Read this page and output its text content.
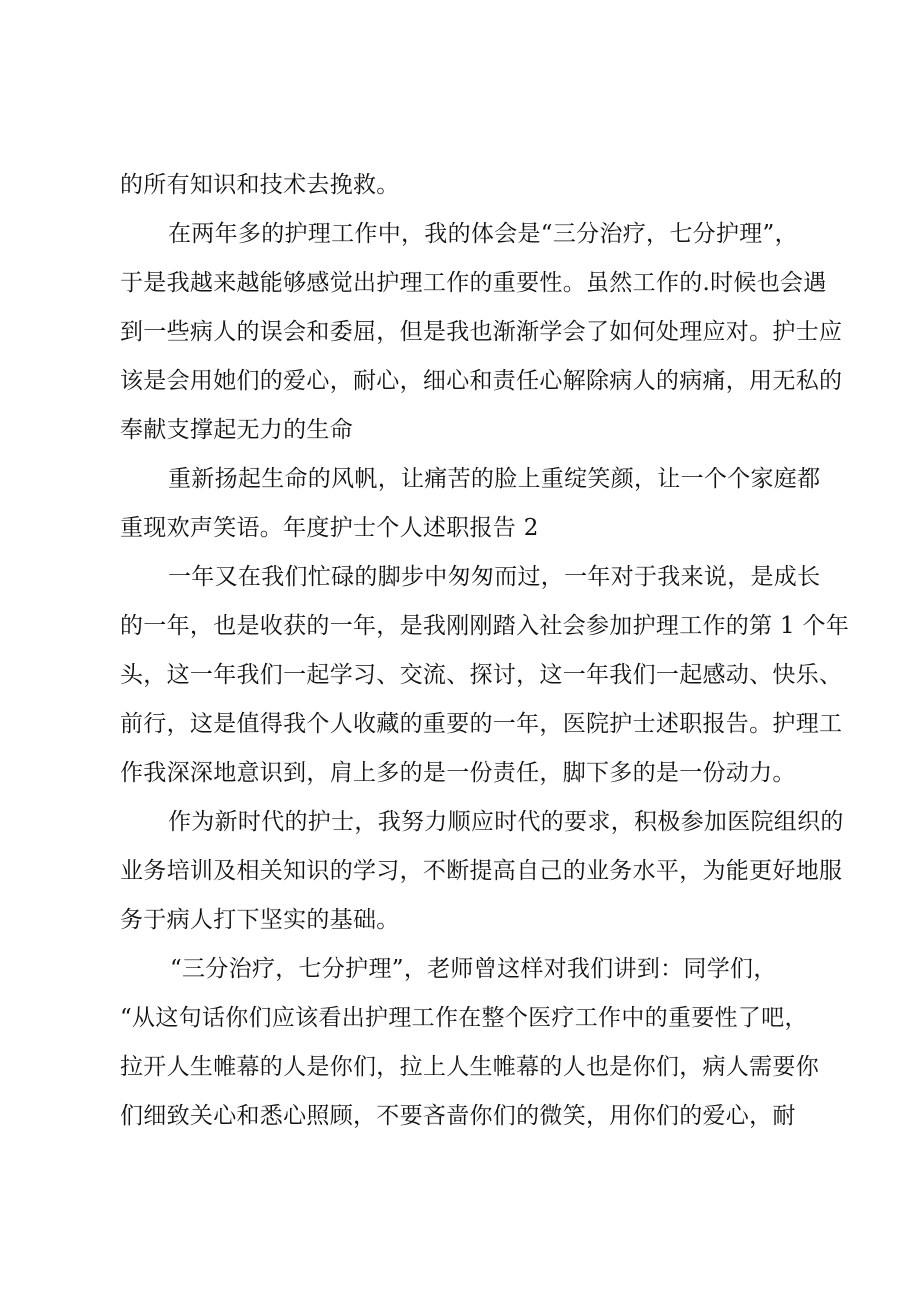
的所有知识和技术去挽救。
在两年多的护理工作中，我的体会是“三分治疗，七分护理”，
于是我越来越能够感觉出护理工作的重要性。虽然工作的.时候也会遇
到一些病人的误会和委屈，但是我也渐渐学会了如何处理应对。护士应
该是会用她们的爱心，耐心，细心和责任心解除病人的病痛，用无私的
奉献支撑起无力的生命
重新扬起生命的风帆，让痛苦的脸上重绽笑颜，让一个个家庭都
重现欢声笑语。年度护士个人述职报告 2
一年又在我们忙碌的脚步中匆匆而过，一年对于我来说，是成长
的一年，也是收获的一年，是我刚刚踏入社会参加护理工作的第 1 个年
头，这一年我们一起学习、交流、探讨，这一年我们一起感动、快乐、
前行，这是值得我个人收藏的重要的一年，医院护士述职报告。护理工
作我深深地意识到，肩上多的是一份责任，脚下多的是一份动力。
作为新时代的护士，我努力顺应时代的要求，积极参加医院组织的
业务培训及相关知识的学习，不断提高自己的业务水平，为能更好地服
务于病人打下坚实的基础。
“三分治疗，七分护理”，老师曾这样对我们讲到：同学们，
“从这句话你们应该看出护理工作在整个医疗工作中的重要性了吧，
拉开人生帷幕的人是你们，拉上人生帷幕的人也是你们，病人需要你
们细致关心和悉心照顾，不要吝啬你们的微笑，用你们的爱心，耐
